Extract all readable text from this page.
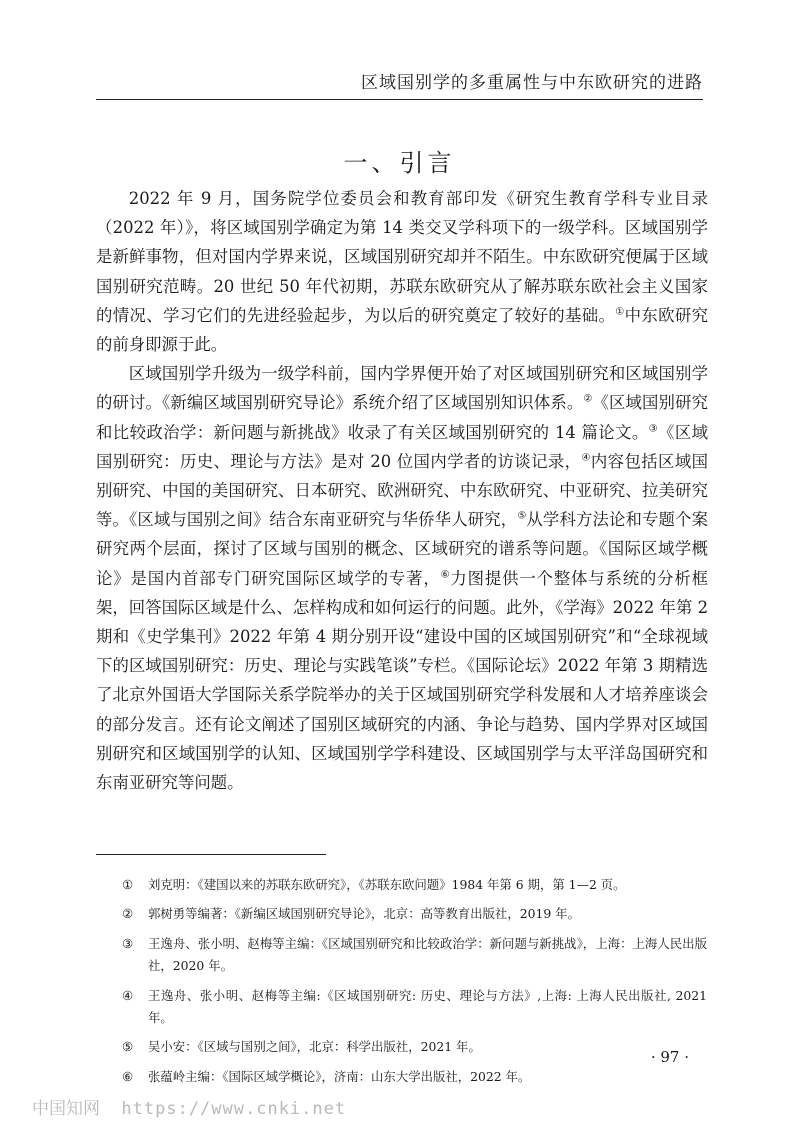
区域国别学的多重属性与中东欧研究的进路
一、引言

2022 年 9 月，国务院学位委员会和教育部印发《研究生教育学科专业目录（2022 年）》，将区域国别学确定为第 14 类交叉学科项下的一级学科。区域国别学是新鲜事物，但对国内学界来说，区域国别研究却并不陌生。中东欧研究便属于区域国别研究范畴。20 世纪 50 年代初期，苏联东欧研究从了解苏联东欧社会主义国家的情况、学习它们的先进经验起步，为以后的研究奠定了较好的基础。①中东欧研究的前身即源于此。

区域国别学升级为一级学科前，国内学界便开始了对区域国别研究和区域国别学的研讨。《新编区域国别研究导论》系统介绍了区域国别知识体系。②《区域国别研究和比较政治学：新问题与新挑战》收录了有关区域国别研究的 14 篇论文。③《区域国别研究：历史、理论与方法》是对 20 位国内学者的访谈记录，④内容包括区域国别研究、中国的美国研究、日本研究、欧洲研究、中东欧研究、中亚研究、拉美研究等。《区域与国别之间》结合东南亚研究与华侨华人研究，⑤从学科方法论和专题个案研究两个层面，探讨了区域与国别的概念、区域研究的谱系等问题。《国际区域学概论》是国内首部专门研究国际区域学的专著，⑥力图提供一个整体与系统的分析框架，回答国际区域是什么、怎样构成和如何运行的问题。此外，《学海》2022 年第 2 期和《史学集刊》2022 年第 4 期分别开设“建设中国的区域国别研究”和“全球视域下的区域国别研究：历史、理论与实践笔谈”专栏。《国际论坛》2022 年第 3 期精选了北京外国语大学国际关系学院举办的关于区域国别研究学科发展和人才培养座谈会的部分发言。还有论文阐述了国别区域研究的内涵、争论与趋势、国内学界对区域国别研究和区域国别学的认知、区域国别学学科建设、区域国别学与太平洋岛国研究和东南亚研究等问题。

①	刘克明：《建国以来的苏联东欧研究》，《苏联东欧问题》1984 年第 6 期，第 1—2 页。
②	郭树勇等编著：《新编区域国别研究导论》，北京：高等教育出版社，2019 年。
③	王逸舟、张小明、赵梅等主编：《区域国别研究和比较政治学：新问题与新挑战》，上海：上海人民出版社，2020 年。
④	王逸舟、张小明、赵梅等主编:《区域国别研究: 历史、理论与方法》,上海: 上海人民出版社, 2021 年。
⑤	吴小安：《区域与国别之间》，北京：科学出版社，2021 年。
⑥	张蕴岭主编：《国际区域学概论》，济南：山东大学出版社，2022 年。
· 97 ·
中国知网 https://www.cnki.net
